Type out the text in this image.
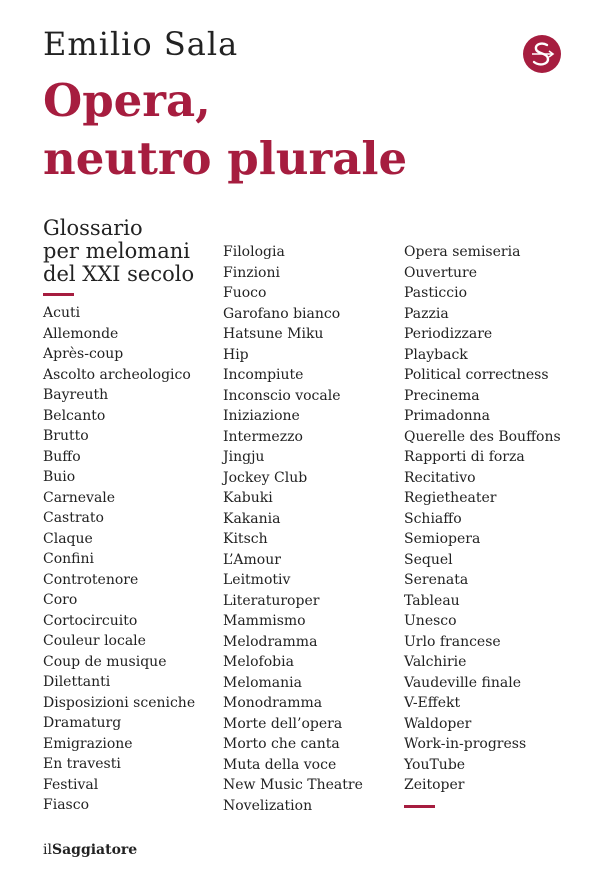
Emilio Sala
Opera,
neutro plurale
Glossario
per melomani
del XXI secolo
Acuti
Allemonde
Après-coup
Ascolto archeologico
Bayreuth
Belcanto
Brutto
Buffo
Buio
Carnevale
Castrato
Claque
Confini
Controtenore
Coro
Cortocircuito
Couleur locale
Coup de musique
Dilettanti
Disposizioni sceniche
Dramaturg
Emigrazione
En travesti
Festival
Fiasco
Filologia
Finzioni
Fuoco
Garofano bianco
Hatsune Miku
Hip
Incompiute
Inconscio vocale
Iniziazione
Intermezzo
Jingju
Jockey Club
Kabuki
Kakania
Kitsch
L’Amour
Leitmotiv
Literaturoper
Mammismo
Melodramma
Melofobia
Melomania
Monodramma
Morte dell’opera
Morto che canta
Muta della voce
New Music Theatre
Novelization
Opera semiseria
Ouverture
Pasticcio
Pazzia
Periodizzare
Playback
Political correctness
Precinema
Primadonna
Querelle des Bouffons
Rapporti di forza
Recitativo
Regietheater
Schiaffo
Semiopera
Sequel
Serenata
Tableau
Unesco
Urlo francese
Valchirie
Vaudeville finale
V-Effekt
Waldoper
Work-in-progress
YouTube
Zeitoper
ilSaggiatore
